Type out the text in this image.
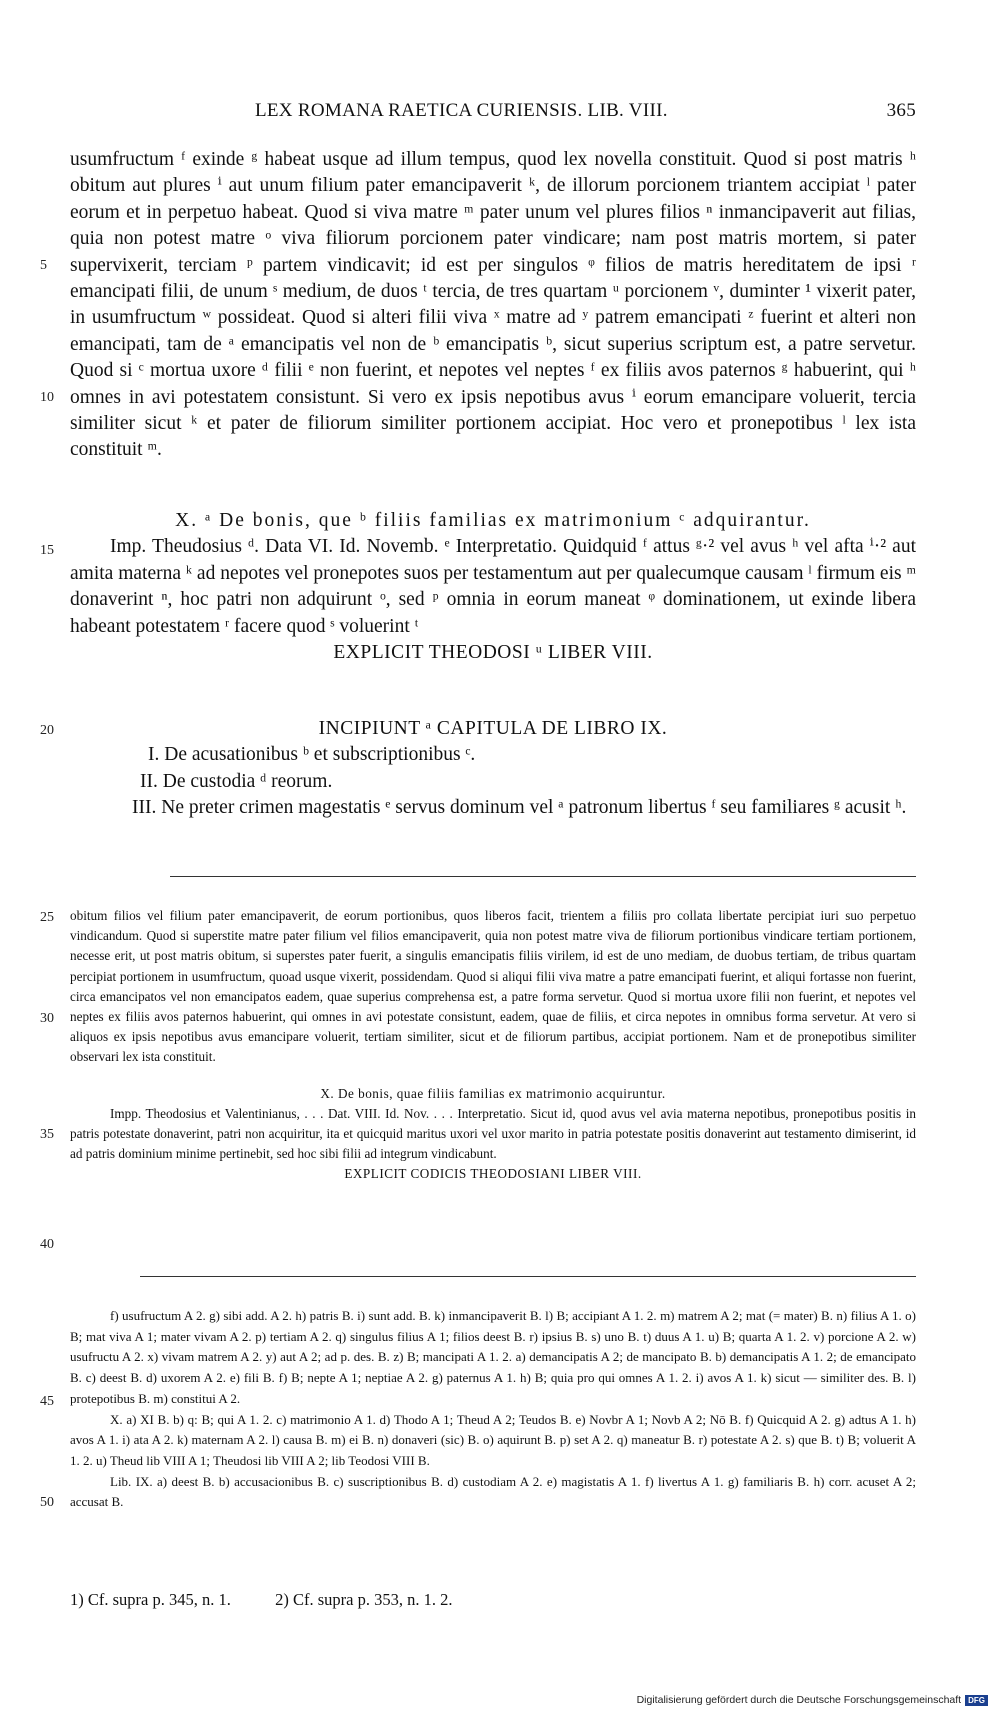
LEX ROMANA RAETICA CURIENSIS. LIB. VIII.	365
5
10
15
20
25
30
35
40
45
50

usumfructum ᶠ exinde ᵍ habeat usque ad illum tempus, quod lex novella constituit. Quod si post matris ʰ obitum aut plures ⁱ aut unum filium pater emancipaverit ᵏ, de illorum porcionem triantem accipiat ˡ pater eorum et in perpetuo habeat. Quod si viva matre ᵐ pater unum vel plures filios ⁿ inmancipaverit aut filias, quia non potest matre ᵒ viva filiorum porcionem pater vindicare; nam post matris mortem, si pater supervixerit, terciam ᵖ partem vindicavit; id est per singulos ᵠ filios de matris hereditatem de ipsi ʳ emancipati filii, de unum ˢ medium, de duos ᵗ tercia, de tres quartam ᵘ porcionem ᵛ, duminter ¹ vixerit pater, in usumfructum ʷ possideat. Quod si alteri filii viva ˣ matre ad ʸ patrem emancipati ᶻ fuerint et alteri non emancipati, tam de ᵃ emancipatis vel non de ᵇ emancipatis ᵇ, sicut superius scriptum est, a patre servetur. Quod si ᶜ mortua uxore ᵈ filii ᵉ non fuerint, et nepotes vel neptes ᶠ ex filiis avos paternos ᵍ habuerint, qui ʰ omnes in avi potestatem consistunt. Si vero ex ipsis nepotibus avus ⁱ eorum emancipare voluerit, tercia similiter sicut ᵏ et pater de filiorum similiter portionem accipiat. Hoc vero et pronepotibus ˡ lex ista constituit ᵐ.

X. ᵃ De bonis, que ᵇ filiis familias ex matrimonium ᶜ adquirantur.

Imp. Theudosius ᵈ. Data VI. Id. Novemb. ᵉ Interpretatio. Quidquid ᶠ attus ᵍ·² vel avus ʰ vel afta ⁱ·² aut amita materna ᵏ ad nepotes vel pronepotes suos per testamentum aut per qualecumque causam ˡ firmum eis ᵐ donaverint ⁿ, hoc patri non adquirunt ᵒ, sed ᵖ omnia in eorum maneat ᵠ dominationem, ut exinde libera habeant potestatem ʳ facere quod ˢ voluerint ᵗ

EXPLICIT THEODOSI ᵘ LIBER VIII.

INCIPIUNT ᵃ CAPITULA DE LIBRO IX.

I. De acusationibus ᵇ et subscriptionibus ᶜ.

II. De custodia ᵈ reorum.

III. Ne preter crimen magestatis ᵉ servus dominum vel ᵃ patronum libertus ᶠ seu familiares ᵍ acusit ʰ.

obitum filios vel filium pater emancipaverit, de eorum portionibus, quos liberos facit, trientem a filiis pro collata libertate percipiat iuri suo perpetuo vindicandum. Quod si superstite matre pater filium vel filios emancipaverit, quia non potest matre viva de filiorum portionibus vindicare tertiam portionem, necesse erit, ut post matris obitum, si superstes pater fuerit, a singulis emancipatis filiis virilem, id est de uno mediam, de duobus tertiam, de tribus quartam percipiat portionem in usumfructum, quoad usque vixerit, possidendam. Quod si aliqui filii viva matre a patre emancipati fuerint, et aliqui fortasse non fuerint, circa emancipatos vel non emancipatos eadem, quae superius comprehensa est, a patre forma servetur. Quod si mortua uxore filii non fuerint, et nepotes vel neptes ex filiis avos paternos habuerint, qui omnes in avi potestate consistunt, eadem, quae de filiis, et circa nepotes in omnibus forma servetur. At vero si aliquos ex ipsis nepotibus avus emancipare voluerit, tertiam similiter, sicut et de filiorum partibus, accipiat portionem. Nam et de pronepotibus similiter observari lex ista constituit.

X. De bonis, quae filiis familias ex matrimonio acquiruntur.

Impp. Theodosius et Valentinianus, . . . Dat. VIII. Id. Nov. . . . Interpretatio. Sicut id, quod avus vel avia materna nepotibus, pronepotibus positis in patris potestate donaverint, patri non acquiritur, ita et quicquid maritus uxori vel uxor marito in patria potestate positis donaverint aut testamento dimiserint, id ad patris dominium minime pertinebit, sed hoc sibi filii ad integrum vindicabunt.

EXPLICIT CODICIS THEODOSIANI LIBER VIII.

f) usufructum A 2. g) sibi add. A 2. h) patris B. i) sunt add. B. k) inmancipaverit B. l) B; accipiant A 1. 2. m) matrem A 2; mat (= mater) B. n) filius A 1. o) B; mat viva A 1; mater vivam A 2. p) tertiam A 2. q) singulus filius A 1; filios deest B. r) ipsius B. s) uno B. t) duus A 1. u) B; quarta A 1. 2. v) porcione A 2. w) usufructu A 2. x) vivam matrem A 2. y) aut A 2; ad p. des. B. z) B; mancipati A 1. 2. a) demancipatis A 2; de mancipato B. b) demancipatis A 1. 2; de emancipato B. c) deest B. d) uxorem A 2. e) fili B. f) B; nepte A 1; neptiae A 2. g) paternus A 1. h) B; quia pro qui omnes A 1. 2. i) avos A 1. k) sicut — similiter des. B. l) protepotibus B. m) constitui A 2.

X. a) XI B. b) q: B; qui A 1. 2. c) matrimonio A 1. d) Thodo A 1; Theud A 2; Teudos B. e) Novbr A 1; Novb A 2; Nō B. f) Quicquid A 2. g) adtus A 1. h) avos A 1. i) ata A 2. k) maternam A 2. l) causa B. m) ei B. n) donaveri (sic) B. o) aquirunt B. p) set A 2. q) maneatur B. r) potestate A 2. s) que B. t) B; voluerit A 1. 2. u) Theud lib VIII A 1; Theudosi lib VIII A 2; lib Teodosi VIII B.

Lib. IX. a) deest B. b) accusacionibus B. c) suscriptionibus B. d) custodiam A 2. e) magistatis A 1. f) livertus A 1. g) familiaris B. h) corr. acuset A 2; accusat B.

1) Cf. supra p. 345, n. 1.	2) Cf. supra p. 353, n. 1. 2.
Digitalisierung gefördert durch die Deutsche Forschungsgemeinschaft DFG
